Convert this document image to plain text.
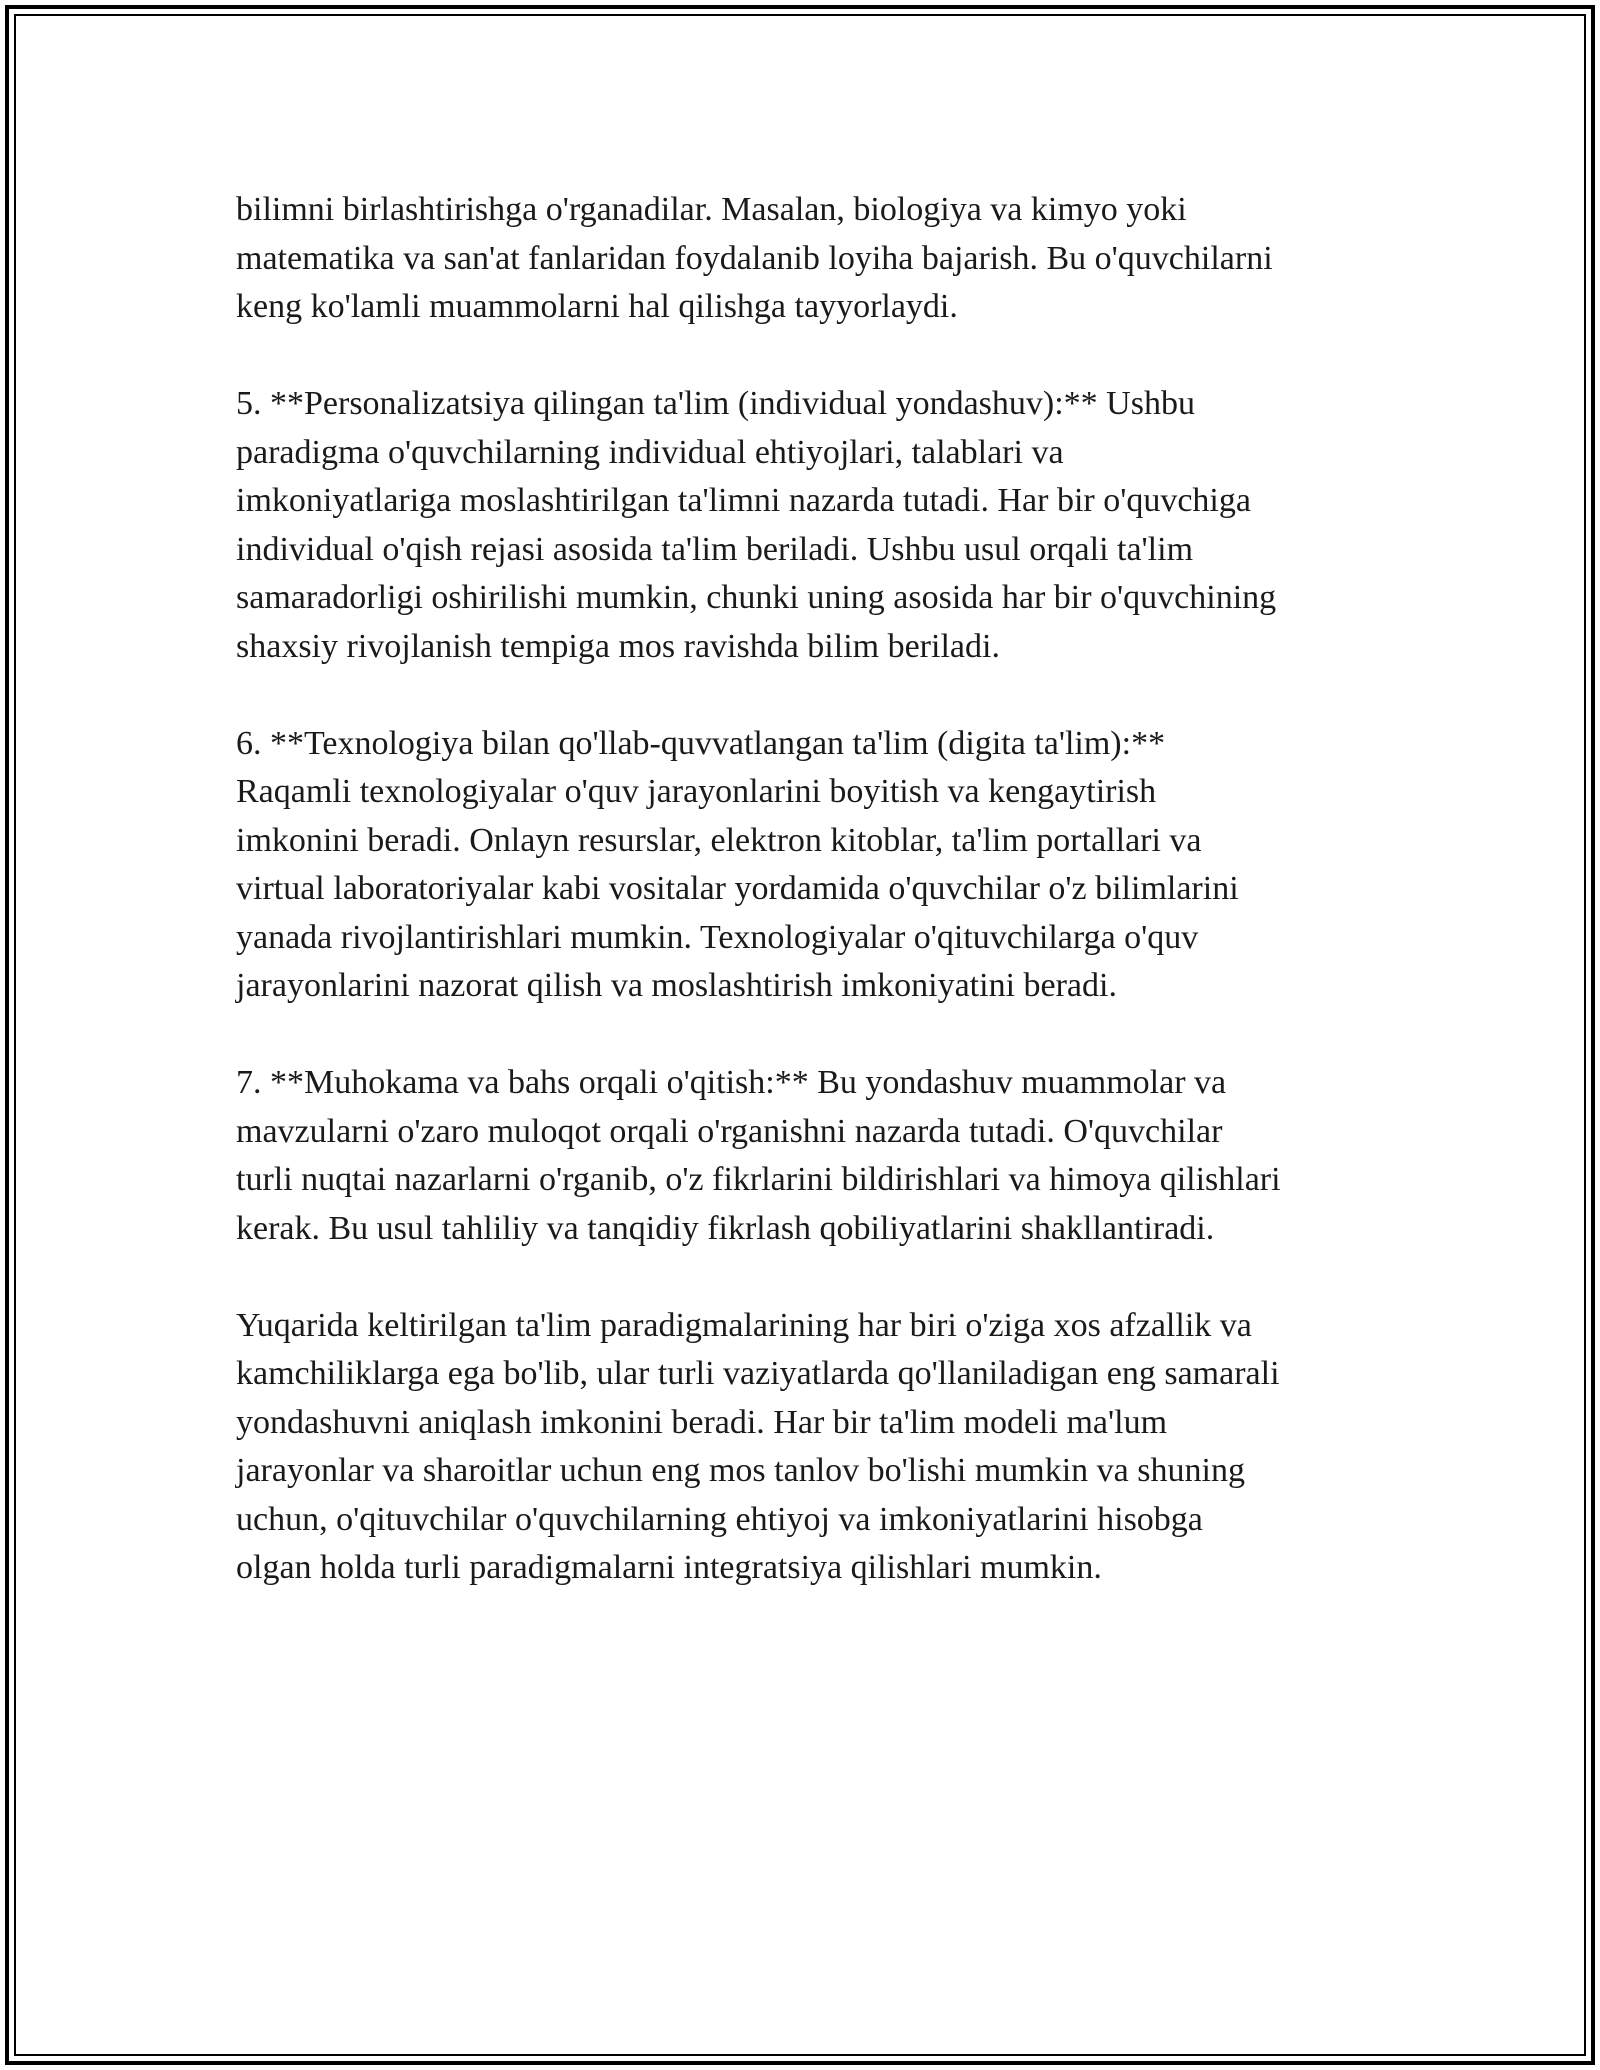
bilimni birlashtirishga o'rganadilar. Masalan, biologiya va kimyo yoki
matematika va san'at fanlaridan foydalanib loyiha bajarish. Bu o'quvchilarni
keng ko'lamli muammolarni hal qilishga tayyorlaydi.

5. **Personalizatsiya qilingan ta'lim (individual yondashuv):** Ushbu
paradigma o'quvchilarning individual ehtiyojlari, talablari va
imkoniyatlariga moslashtirilgan ta'limni nazarda tutadi. Har bir o'quvchiga
individual o'qish rejasi asosida ta'lim beriladi. Ushbu usul orqali ta'lim
samaradorligi oshirilishi mumkin, chunki uning asosida har bir o'quvchining
shaxsiy rivojlanish tempiga mos ravishda bilim beriladi.

6. **Texnologiya bilan qo'llab-quvvatlangan ta'lim (digita ta'lim):**
Raqamli texnologiyalar o'quv jarayonlarini boyitish va kengaytirish
imkonini beradi. Onlayn resurslar, elektron kitoblar, ta'lim portallari va
virtual laboratoriyalar kabi vositalar yordamida o'quvchilar o'z bilimlarini
yanada rivojlantirishlari mumkin. Texnologiyalar o'qituvchilarga o'quv
jarayonlarini nazorat qilish va moslashtirish imkoniyatini beradi.

7. **Muhokama va bahs orqali o'qitish:** Bu yondashuv muammolar va
mavzularni o'zaro muloqot orqali o'rganishni nazarda tutadi. O'quvchilar
turli nuqtai nazarlarni o'rganib, o'z fikrlarini bildirishlari va himoya qilishlari
kerak. Bu usul tahliliy va tanqidiy fikrlash qobiliyatlarini shakllantiradi.

Yuqarida keltirilgan ta'lim paradigmalarining har biri o'ziga xos afzallik va
kamchiliklarga ega bo'lib, ular turli vaziyatlarda qo'llaniladigan eng samarali
yondashuvni aniqlash imkonini beradi. Har bir ta'lim modeli ma'lum
jarayonlar va sharoitlar uchun eng mos tanlov bo'lishi mumkin va shuning
uchun, o'qituvchilar o'quvchilarning ehtiyoj va imkoniyatlarini hisobga
olgan holda turli paradigmalarni integratsiya qilishlari mumkin.
